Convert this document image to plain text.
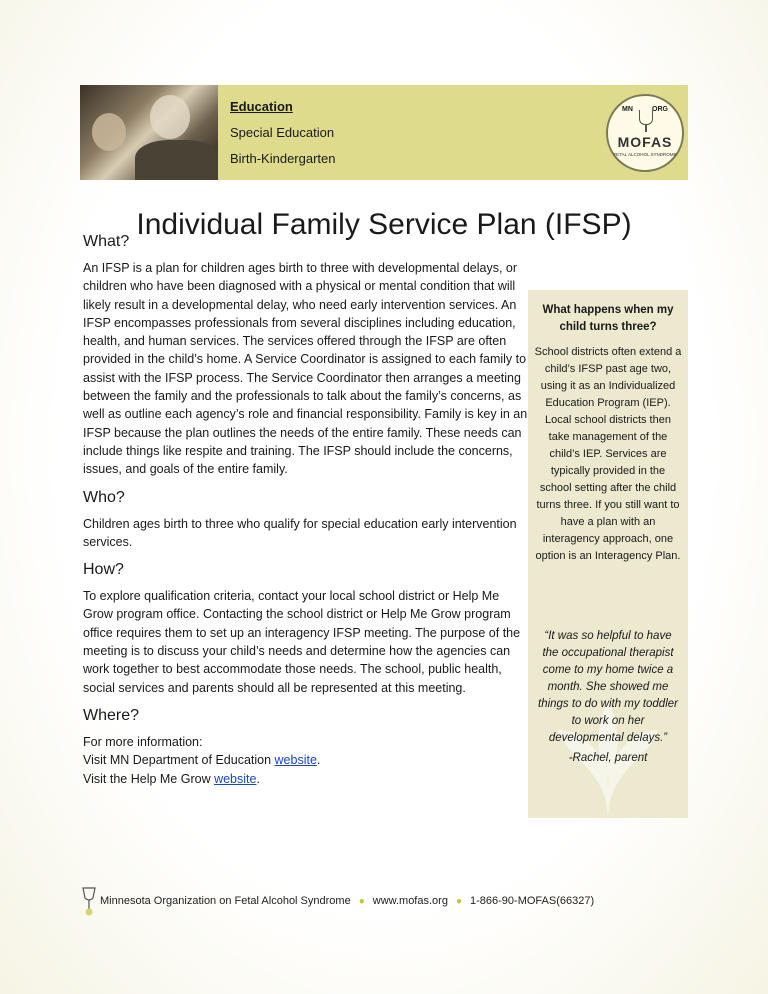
Education
Special Education
Birth-Kindergarten
MN	ORG
MOFAS
FETAL ALCOHOL SYNDROME
Individual Family Service Plan (IFSP)
What?

An IFSP is a plan for children ages birth to three with developmental delays, or children who have been diagnosed with a physical or mental condition that will likely result in a developmental delay, who need early intervention services. An IFSP encompasses professionals from several disciplines including education, health, and human services. The services offered through the IFSP are often provided in the child’s home. A Service Coordinator is assigned to each family to assist with the IFSP process. The Service Coordinator then arranges a meeting between the family and the professionals to talk about the family’s concerns, as well as outline each agency’s role and financial responsibility. Family is key in an IFSP because the plan outlines the needs of the entire family. These needs can include things like respite and training. The IFSP should include the concerns, issues, and goals of the entire family.

Who?

Children ages birth to three who qualify for special education early intervention services.

How?

To explore qualification criteria, contact your local school district or Help Me Grow program office. Contacting the school district or Help Me Grow program office requires them to set up an interagency IFSP meeting. The purpose of the meeting is to discuss your child’s needs and determine how the agencies can work together to best accommodate those needs. The school, public health, social services and parents should all be represented at this meeting.

Where?

For more information:
Visit MN Department of Education website.
Visit the Help Me Grow website.

What happens when my child turns three?
School districts often extend a child’s IFSP past age two, using it as an Individualized Education Program (IEP). Local school districts then take management of the child’s IEP. Services are typically provided in the school setting after the child turns three. If you still want to have a plan with an interagency approach, one option is an Interagency Plan.
“It was so helpful to have the occupational therapist come to my home twice a month. She showed me things to do with my toddler to work on her developmental delays.”
-Rachel, parent
Minnesota Organization on Fetal Alcohol Syndrome ● www.mofas.org ● 1-866-90-MOFAS(66327)
